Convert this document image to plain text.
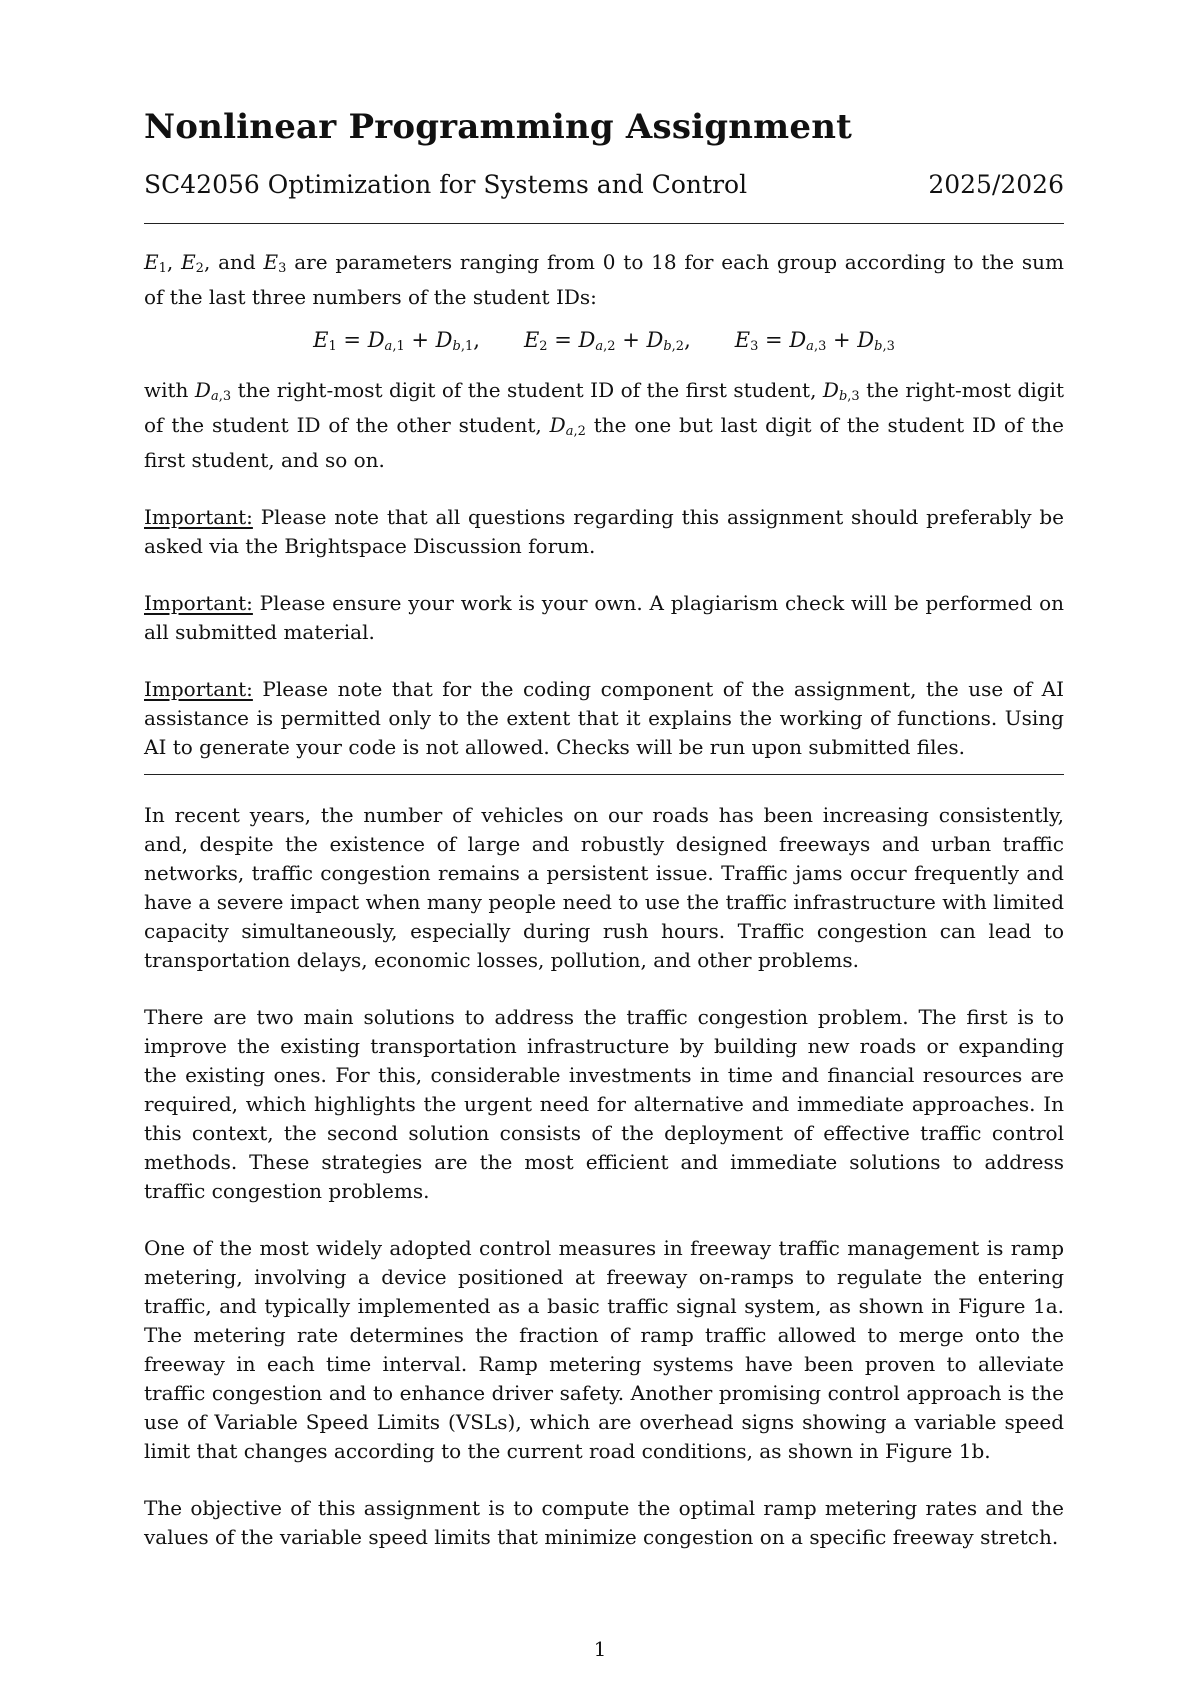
Nonlinear Programming Assignment
SC42056 Optimization for Systems and Control	2025/2026

$E_1$, $E_2$, and $E_3$ are parameters ranging from 0 to 18 for each group according to the sum of the last three numbers of the student IDs:

$E_1 = D_{a,1} + D_{b,1}$, $E_2 = D_{a,2} + D_{b,2}$, $E_3 = D_{a,3} + D_{b,3}$

with $D_{a,3}$ the right-most digit of the student ID of the first student, $D_{b,3}$ the right-most digit of the student ID of the other student, $D_{a,2}$ the one but last digit of the student ID of the first student, and so on.

Important: Please note that all questions regarding this assignment should preferably be asked via the Brightspace Discussion forum.

Important: Please ensure your work is your own. A plagiarism check will be performed on all submitted material.

Important: Please note that for the coding component of the assignment, the use of AI assistance is permitted only to the extent that it explains the working of functions. Using AI to generate your code is not allowed. Checks will be run upon submitted files.

In recent years, the number of vehicles on our roads has been increasing consistently, and, despite the existence of large and robustly designed freeways and urban traffic networks, traffic congestion remains a persistent issue. Traffic jams occur frequently and have a severe impact when many people need to use the traffic infrastructure with limited capacity simultaneously, especially during rush hours. Traffic congestion can lead to transportation delays, economic losses, pollution, and other problems.

There are two main solutions to address the traffic congestion problem. The first is to improve the existing transportation infrastructure by building new roads or expanding the existing ones. For this, considerable investments in time and financial resources are required, which highlights the urgent need for alternative and immediate approaches. In this context, the second solution consists of the deployment of effective traffic control methods. These strategies are the most efficient and immediate solutions to address traffic congestion problems.

One of the most widely adopted control measures in freeway traffic management is ramp metering, involving a device positioned at freeway on-ramps to regulate the entering traffic, and typically implemented as a basic traffic signal system, as shown in Figure 1a. The metering rate determines the fraction of ramp traffic allowed to merge onto the freeway in each time interval. Ramp metering systems have been proven to alleviate traffic congestion and to enhance driver safety. Another promising control approach is the use of Variable Speed Limits (VSLs), which are overhead signs showing a variable speed limit that changes according to the current road conditions, as shown in Figure 1b.

The objective of this assignment is to compute the optimal ramp metering rates and the values of the variable speed limits that minimize congestion on a specific freeway stretch.

1
